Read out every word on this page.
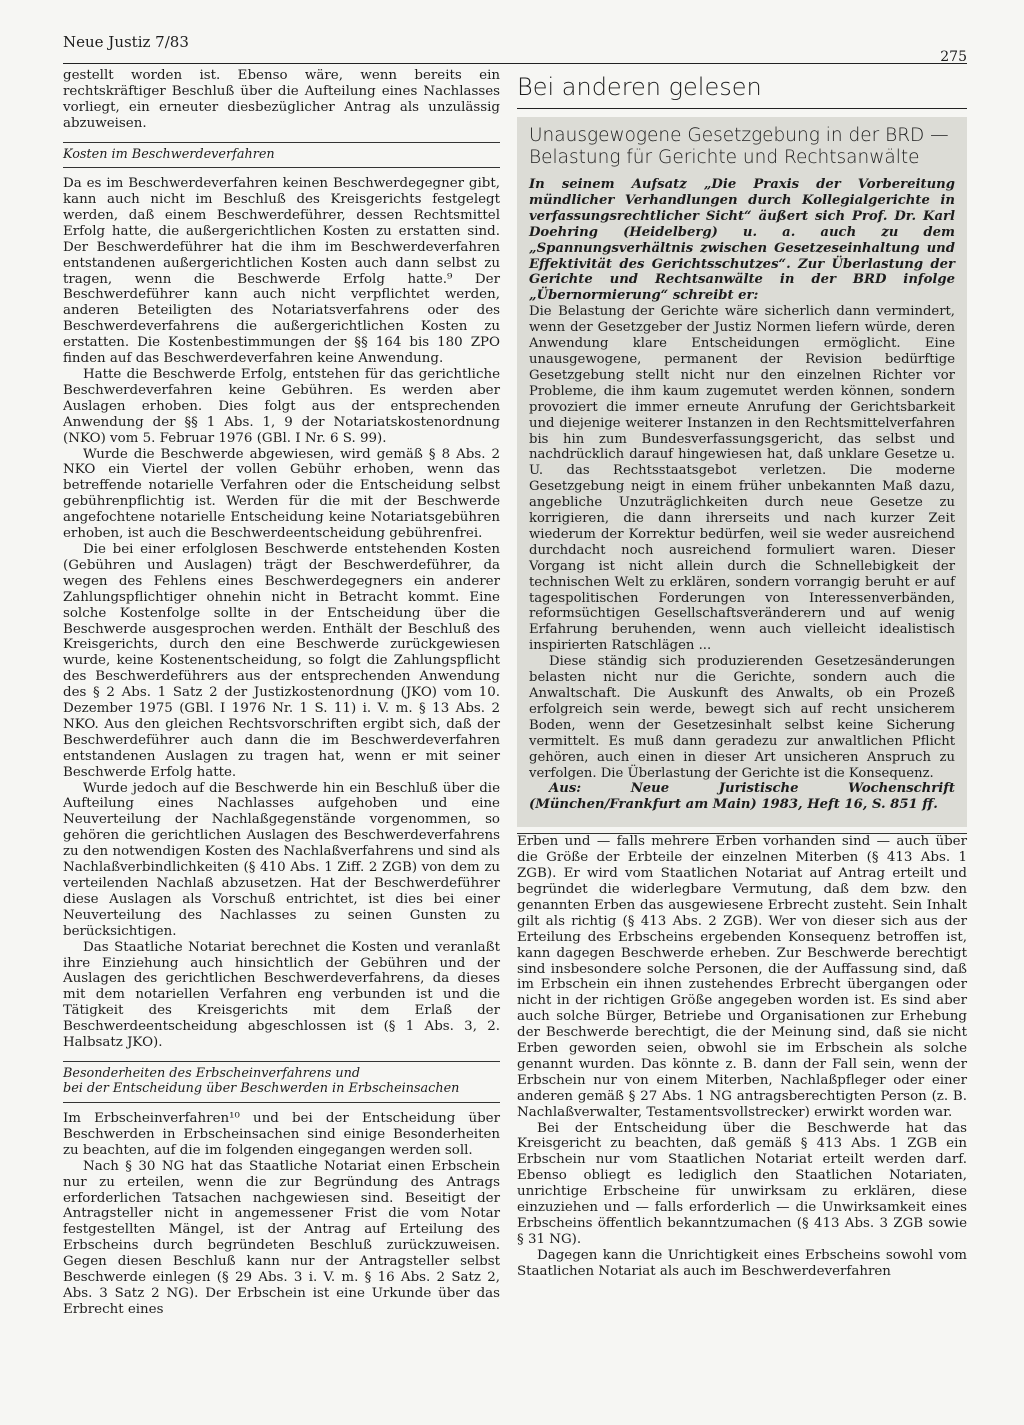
Neue Justiz 7/83
275

gestellt worden ist. Ebenso wäre, wenn bereits ein rechtskräftiger Beschluß über die Aufteilung eines Nachlasses vorliegt, ein erneuter diesbezüglicher Antrag als unzulässig abzuweisen.

Kosten im Beschwerdeverfahren

Da es im Beschwerdeverfahren keinen Beschwerdegegner gibt, kann auch nicht im Beschluß des Kreisgerichts festgelegt werden, daß einem Beschwerdeführer, dessen Rechtsmittel Erfolg hatte, die außergerichtlichen Kosten zu erstatten sind. Der Beschwerdeführer hat die ihm im Beschwerdeverfahren entstandenen außergerichtlichen Kosten auch dann selbst zu tragen, wenn die Beschwerde Erfolg hatte.⁹ Der Beschwerdeführer kann auch nicht verpflichtet werden, anderen Beteiligten des Notariatsverfahrens oder des Beschwerdeverfahrens die außergerichtlichen Kosten zu erstatten. Die Kostenbestimmungen der §§ 164 bis 180 ZPO finden auf das Beschwerdeverfahren keine Anwendung.

Hatte die Beschwerde Erfolg, entstehen für das gerichtliche Beschwerdeverfahren keine Gebühren. Es werden aber Auslagen erhoben. Dies folgt aus der entsprechenden Anwendung der §§ 1 Abs. 1, 9 der Notariatskostenordnung (NKO) vom 5. Februar 1976 (GBl. I Nr. 6 S. 99).

Wurde die Beschwerde abgewiesen, wird gemäß § 8 Abs. 2 NKO ein Viertel der vollen Gebühr erhoben, wenn das betreffende notarielle Verfahren oder die Entscheidung selbst gebührenpflichtig ist. Werden für die mit der Beschwerde angefochtene notarielle Entscheidung keine Notariatsgebühren erhoben, ist auch die Beschwerdeentscheidung gebührenfrei.

Die bei einer erfolglosen Beschwerde entstehenden Kosten (Gebühren und Auslagen) trägt der Beschwerdeführer, da wegen des Fehlens eines Beschwerdegegners ein anderer Zahlungspflichtiger ohnehin nicht in Betracht kommt. Eine solche Kostenfolge sollte in der Entscheidung über die Beschwerde ausgesprochen werden. Enthält der Beschluß des Kreisgerichts, durch den eine Beschwerde zurückgewiesen wurde, keine Kostenentscheidung, so folgt die Zahlungspflicht des Beschwerdeführers aus der entsprechenden Anwendung des § 2 Abs. 1 Satz 2 der Justizkostenordnung (JKO) vom 10. Dezember 1975 (GBl. I 1976 Nr. 1 S. 11) i. V. m. § 13 Abs. 2 NKO. Aus den gleichen Rechtsvorschriften ergibt sich, daß der Beschwerdeführer auch dann die im Beschwerdeverfahren entstandenen Auslagen zu tragen hat, wenn er mit seiner Beschwerde Erfolg hatte.

Wurde jedoch auf die Beschwerde hin ein Beschluß über die Aufteilung eines Nachlasses aufgehoben und eine Neuverteilung der Nachlaßgegenstände vorgenommen, so gehören die gerichtlichen Auslagen des Beschwerdeverfahrens zu den notwendigen Kosten des Nachlaßverfahrens und sind als Nachlaßverbindlichkeiten (§ 410 Abs. 1 Ziff. 2 ZGB) von dem zu verteilenden Nachlaß abzusetzen. Hat der Beschwerdeführer diese Auslagen als Vorschuß entrichtet, ist dies bei einer Neuverteilung des Nachlasses zu seinen Gunsten zu berücksichtigen.

Das Staatliche Notariat berechnet die Kosten und veranlaßt ihre Einziehung auch hinsichtlich der Gebühren und der Auslagen des gerichtlichen Beschwerdeverfahrens, da dieses mit dem notariellen Verfahren eng verbunden ist und die Tätigkeit des Kreisgerichts mit dem Erlaß der Beschwerdeentscheidung abgeschlossen ist (§ 1 Abs. 3, 2. Halbsatz JKO).

Besonderheiten des Erbscheinverfahrens und
bei der Entscheidung über Beschwerden in Erbscheinsachen

Im Erbscheinverfahren¹⁰ und bei der Entscheidung über Beschwerden in Erbscheinsachen sind einige Besonderheiten zu beachten, auf die im folgenden eingegangen werden soll.

Nach § 30 NG hat das Staatliche Notariat einen Erbschein nur zu erteilen, wenn die zur Begründung des Antrags erforderlichen Tatsachen nachgewiesen sind. Beseitigt der Antragsteller nicht in angemessener Frist die vom Notar festgestellten Mängel, ist der Antrag auf Erteilung des Erbscheins durch begründeten Beschluß zurückzuweisen. Gegen diesen Beschluß kann nur der Antragsteller selbst Beschwerde einlegen (§ 29 Abs. 3 i. V. m. § 16 Abs. 2 Satz 2, Abs. 3 Satz 2 NG). Der Erbschein ist eine Urkunde über das Erbrecht eines

Bei anderen gelesen
Unausgewogene Gesetzgebung in der BRD —
Belastung für Gerichte und Rechtsanwälte

In seinem Aufsatz „Die Praxis der Vorbereitung mündlicher Verhandlungen durch Kollegialgerichte in verfassungsrechtlicher Sicht“ äußert sich Prof. Dr. Karl Doehring (Heidelberg) u. a. auch zu dem „Spannungsverhältnis zwischen Gesetzeseinhaltung und Effektivität des Gerichtsschutzes“. Zur Überlastung der Gerichte und Rechtsanwälte in der BRD infolge „Übernormierung“ schreibt er:

Die Belastung der Gerichte wäre sicherlich dann vermindert, wenn der Gesetzgeber der Justiz Normen liefern würde, deren Anwendung klare Entscheidungen ermöglicht. Eine unausgewogene, permanent der Revision bedürftige Gesetzgebung stellt nicht nur den einzelnen Richter vor Probleme, die ihm kaum zugemutet werden können, sondern provoziert die immer erneute Anrufung der Gerichtsbarkeit und diejenige weiterer Instanzen in den Rechtsmittelverfahren bis hin zum Bundesverfassungsgericht, das selbst und nachdrücklich darauf hingewiesen hat, daß unklare Gesetze u. U. das Rechtsstaatsgebot verletzen. Die moderne Gesetzgebung neigt in einem früher unbekannten Maß dazu, angebliche Unzuträglichkeiten durch neue Gesetze zu korrigieren, die dann ihrerseits und nach kurzer Zeit wiederum der Korrektur bedürfen, weil sie weder ausreichend durchdacht noch ausreichend formuliert waren. Dieser Vorgang ist nicht allein durch die Schnellebigkeit der technischen Welt zu erklären, sondern vorrangig beruht er auf tagespolitischen Forderungen von Interessenverbänden, reformsüchtigen Gesellschaftsveränderern und auf wenig Erfahrung beruhenden, wenn auch vielleicht idealistisch inspirierten Ratschlägen ...

Diese ständig sich produzierenden Gesetzesänderungen belasten nicht nur die Gerichte, sondern auch die Anwaltschaft. Die Auskunft des Anwalts, ob ein Prozeß erfolgreich sein werde, bewegt sich auf recht unsicherem Boden, wenn der Gesetzesinhalt selbst keine Sicherung vermittelt. Es muß dann geradezu zur anwaltlichen Pflicht gehören, auch einen in dieser Art unsicheren Anspruch zu verfolgen. Die Überlastung der Gerichte ist die Konsequenz.

Aus: Neue Juristische Wochenschrift (München/Frankfurt am Main) 1983, Heft 16, S. 851 ff.

Erben und — falls mehrere Erben vorhanden sind — auch über die Größe der Erbteile der einzelnen Miterben (§ 413 Abs. 1 ZGB). Er wird vom Staatlichen Notariat auf Antrag erteilt und begründet die widerlegbare Vermutung, daß dem bzw. den genannten Erben das ausgewiesene Erbrecht zusteht. Sein Inhalt gilt als richtig (§ 413 Abs. 2 ZGB). Wer von dieser sich aus der Erteilung des Erbscheins ergebenden Konsequenz betroffen ist, kann dagegen Beschwerde erheben. Zur Beschwerde berechtigt sind insbesondere solche Personen, die der Auffassung sind, daß im Erbschein ein ihnen zustehendes Erbrecht übergangen oder nicht in der richtigen Größe angegeben worden ist. Es sind aber auch solche Bürger, Betriebe und Organisationen zur Erhebung der Beschwerde berechtigt, die der Meinung sind, daß sie nicht Erben geworden seien, obwohl sie im Erbschein als solche genannt wurden. Das könnte z. B. dann der Fall sein, wenn der Erbschein nur von einem Miterben, Nachlaßpfleger oder einer anderen gemäß § 27 Abs. 1 NG antragsberechtigten Person (z. B. Nachlaßverwalter, Testamentsvollstrecker) erwirkt worden war.

Bei der Entscheidung über die Beschwerde hat das Kreisgericht zu beachten, daß gemäß § 413 Abs. 1 ZGB ein Erbschein nur vom Staatlichen Notariat erteilt werden darf. Ebenso obliegt es lediglich den Staatlichen Notariaten, unrichtige Erbscheine für unwirksam zu erklären, diese einzuziehen und — falls erforderlich — die Unwirksamkeit eines Erbscheins öffentlich bekanntzumachen (§ 413 Abs. 3 ZGB sowie § 31 NG).

Dagegen kann die Unrichtigkeit eines Erbscheins sowohl vom Staatlichen Notariat als auch im Beschwerdeverfahren
